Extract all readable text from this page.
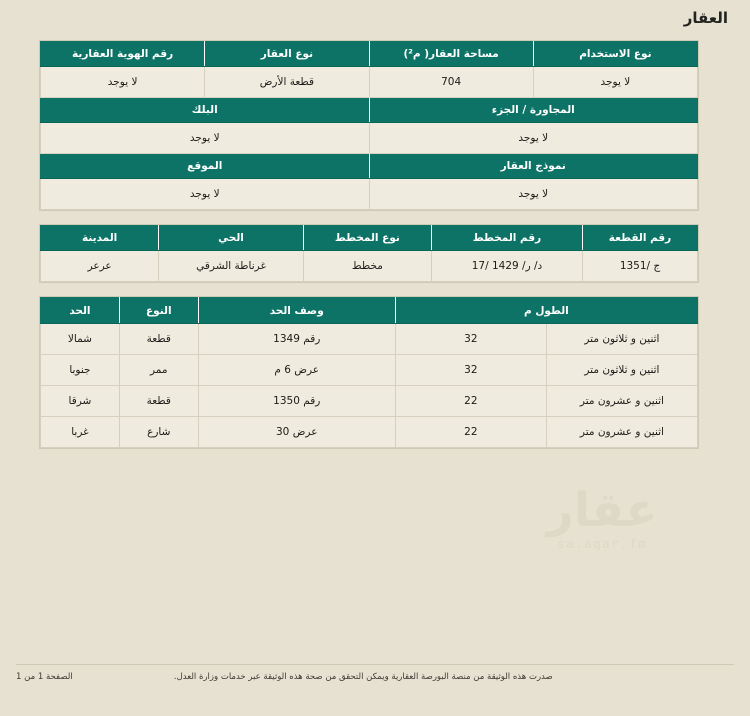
العقار
نوع الاستخدام	مساحة العقار( م²)	نوع العقار	رقم الهوية العقارية
لا يوجد	704	قطعة الأرض	لا يوجد
المجاورة / الجزء		البلك	
لا يوجد		لا يوجد	
نموذج العقار		الموقع	
لا يوجد		لا يوجد	
رقم القطعة	رقم المخطط	نوع المخطط	الحي	المدينة
ج /1351	د/ ر/ 1429 /17	مخطط	غرناطة الشرقي	عرعر
الطول م		وصف الحد	النوع	الحد
اثنين و ثلاثون متر	32	رقم 1349	قطعة	شمالا
اثنين و ثلاثون متر	32	عرض 6 م	ممر	جنوبا
اثنين و عشرون متر	22	رقم 1350	قطعة	شرقا
اثنين و عشرون متر	22	عرض 30	شارع	غربا
عقار
sa.aqar.fm
صدرت هذه الوثيقة من منصة البورصة العقارية ويمكن التحقق من صحة هذه الوثيقة عبر خدمات وزارة العدل.
الصفحة 1 من 1
